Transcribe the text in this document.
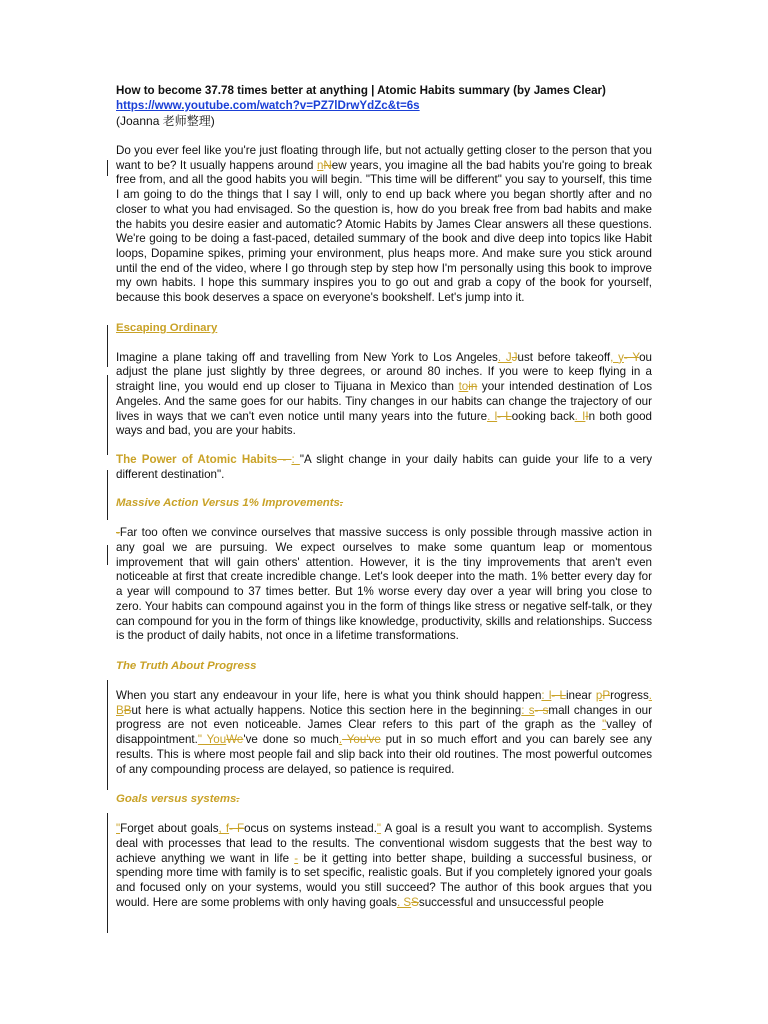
How to become 37.78 times better at anything | Atomic Habits summary (by James Clear)
https://www.youtube.com/watch?v=PZ7lDrwYdZc&t=6s
(Joanna 老师整理)

Do you ever feel like you're just floating through life, but not actually getting closer to the person that you want to be? It usually happens around nNew years, you imagine all the bad habits you're going to break free from, and all the good habits you will begin. "This time will be different" you say to yourself, this time I am going to do the things that I say I will, only to end up back where you began shortly after and no closer to what you had envisaged. So the question is, how do you break free from bad habits and make the habits you desire easier and automatic? Atomic Habits by James Clear answers all these questions. We're going to be doing a fast-paced, detailed summary of the book and dive deep into topics like Habit loops, Dopamine spikes, priming your environment, plus heaps more. And make sure you stick around until the end of the video, where I go through step by step how I'm personally using this book to improve my own habits. I hope this summary inspires you to go out and grab a copy of the book for yourself, because this book deserves a space on everyone's bookshelf. Let's jump into it.

Escaping Ordinary

Imagine a plane taking off and travelling from New York to Los Angeles. JJust before takeoff, y- You adjust the plane just slightly by three degrees, or around 80 inches. If you were to keep flying in a straight line, you would end up closer to Tijuana in Mexico than toin your intended destination of Los Angeles. And the same goes for our habits. Tiny changes in our habits can change the trajectory of our lives in ways that we can't even notice until many years into the future. l- Looking back. IIn both good ways and bad, you are your habits.

The Power of Atomic Habits - : "A slight change in your daily habits can guide your life to a very different destination".

Massive Action Versus 1% Improvements.

-Far too often we convince ourselves that massive success is only possible through massive action in any goal we are pursuing. We expect ourselves to make some quantum leap or momentous improvement that will gain others' attention. However, it is the tiny improvements that aren't even noticeable at first that create incredible change. Let's look deeper into the math. 1% better every day for a year will compound to 37 times better. But 1% worse every day over a year will bring you close to zero. Your habits can compound against you in the form of things like stress or negative self-talk, or they can compound for you in the form of things like knowledge, productivity, skills and relationships. Success is the product of daily habits, not once in a lifetime transformations.

The Truth About Progress

When you start any endeavour in your life, here is what you think should happen: l- Linear pProgress. BBut here is what actually happens. Notice this section here in the beginning: s- small changes in our progress are not even noticeable. James Clear refers to this part of the graph as the "valley of disappointment." YouWe've done so much. You've put in so much effort and you can barely see any results. This is where most people fail and slip back into their old routines. The most powerful outcomes of any compounding process are delayed, so patience is required.

Goals versus systems.

"Forget about goals, f- Focus on systems instead." A goal is a result you want to accomplish. Systems deal with processes that lead to the results. The conventional wisdom suggests that the best way to achieve anything we want in life - be it getting into better shape, building a successful business, or spending more time with family is to set specific, realistic goals. But if you completely ignored your goals and focused only on your systems, would you still succeed? The author of this book argues that you would. Here are some problems with only having goals. SSsuccessful and unsuccessful people
